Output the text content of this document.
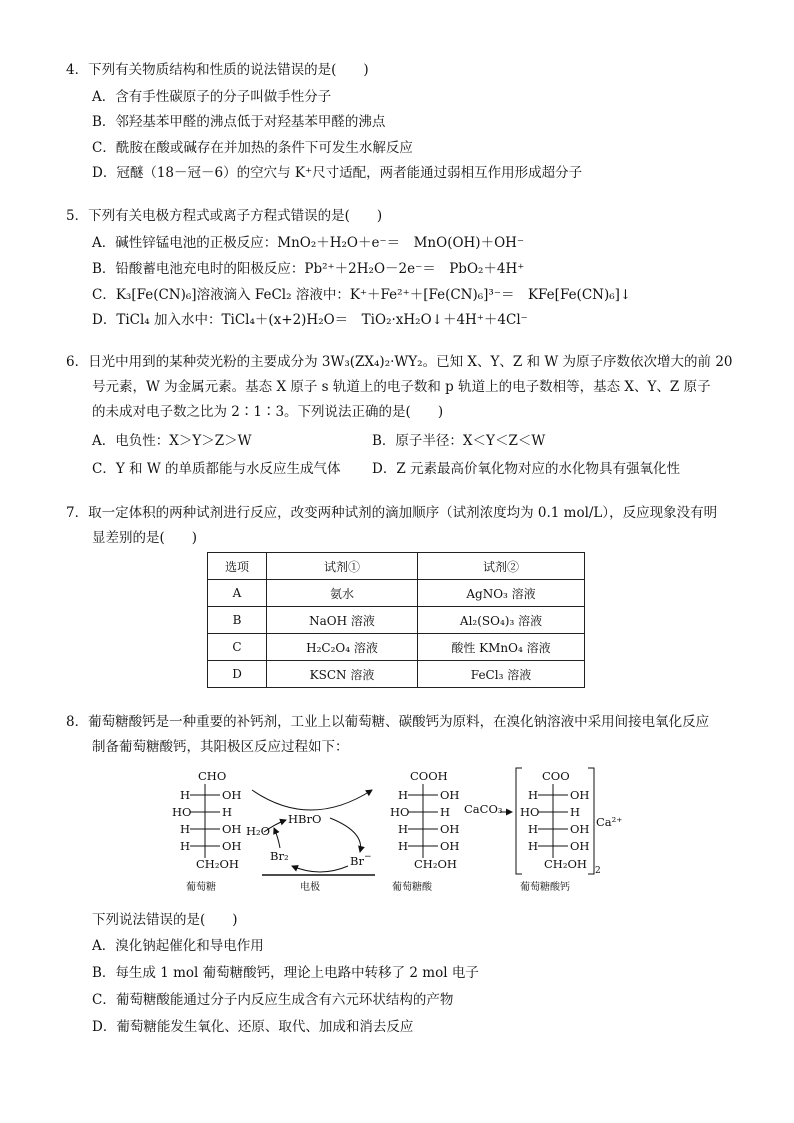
4．下列有关物质结构和性质的说法错误的是(　　)
A．含有手性碳原子的分子叫做手性分子
B．邻羟基苯甲醛的沸点低于对羟基苯甲醛的沸点
C．酰胺在酸或碱存在并加热的条件下可发生水解反应
D．冠醚（18－冠－6）的空穴与 K⁺尺寸适配，两者能通过弱相互作用形成超分子
5．下列有关电极方程式或离子方程式错误的是(　　)
A．碱性锌锰电池的正极反应：MnO₂＋H₂O＋e⁻＝　MnO(OH)＋OH⁻
B．铅酸蓄电池充电时的阳极反应：Pb²⁺＋2H₂O－2e⁻＝　PbO₂＋4H⁺
C．K₃[Fe(CN)₆]溶液滴入 FeCl₂ 溶液中：K⁺＋Fe²⁺＋[Fe(CN)₆]³⁻＝　KFe[Fe(CN)₆]↓
D．TiCl₄ 加入水中：TiCl₄＋(x+2)H₂O＝　TiO₂·xH₂O↓＋4H⁺＋4Cl⁻
6．日光中用到的某种荧光粉的主要成分为 3W₃(ZX₄)₂·WY₂。已知 X、Y、Z 和 W 为原子序数依次增大的前 20
号元素，W 为金属元素。基态 X 原子 s 轨道上的电子数和 p 轨道上的电子数相等，基态 X、Y、Z 原子
的未成对电子数之比为 2∶1∶3。下列说法正确的是(　　)
A．电负性：X＞Y＞Z＞W	B．原子半径：X＜Y＜Z＜W
C．Y 和 W 的单质都能与水反应生成气体 D．Z 元素最高价氧化物对应的水化物具有强氧化性
7．取一定体积的两种试剂进行反应，改变两种试剂的滴加顺序（试剂浓度均为 0.1 mol/L），反应现象没有明
显差别的是(　　)
选项	试剂①	试剂②
A	氨水	AgNO₃ 溶液
B	NaOH 溶液	Al₂(SO₄)₃ 溶液
C	H₂C₂O₄ 溶液	酸性 KMnO₄ 溶液
D	KSCN 溶液	FeCl₃ 溶液
8．葡萄糖酸钙是一种重要的补钙剂，工业上以葡萄糖、碳酸钙为原料，在溴化钠溶液中采用间接电氧化反应
制备葡萄糖酸钙，其阳极区反应过程如下：
CHO
H	OH
HO	H
H	OH
H	OH
CH₂OH
HBrO
H₂O
Br₂	Br−
COOH
H	OH
HO	H
H	OH
H	OH
CH₂OH
CaCO₃
COO
H	OH
HO	H
H	OH
H	OH
CH₂OH
Ca²⁺
2
葡萄糖	电极	葡萄糖酸	葡萄糖酸钙
下列说法错误的是(　　)
A．溴化钠起催化和导电作用
B．每生成 1 mol 葡萄糖酸钙，理论上电路中转移了 2 mol 电子
C．葡萄糖酸能通过分子内反应生成含有六元环状结构的产物
D．葡萄糖能发生氧化、还原、取代、加成和消去反应
